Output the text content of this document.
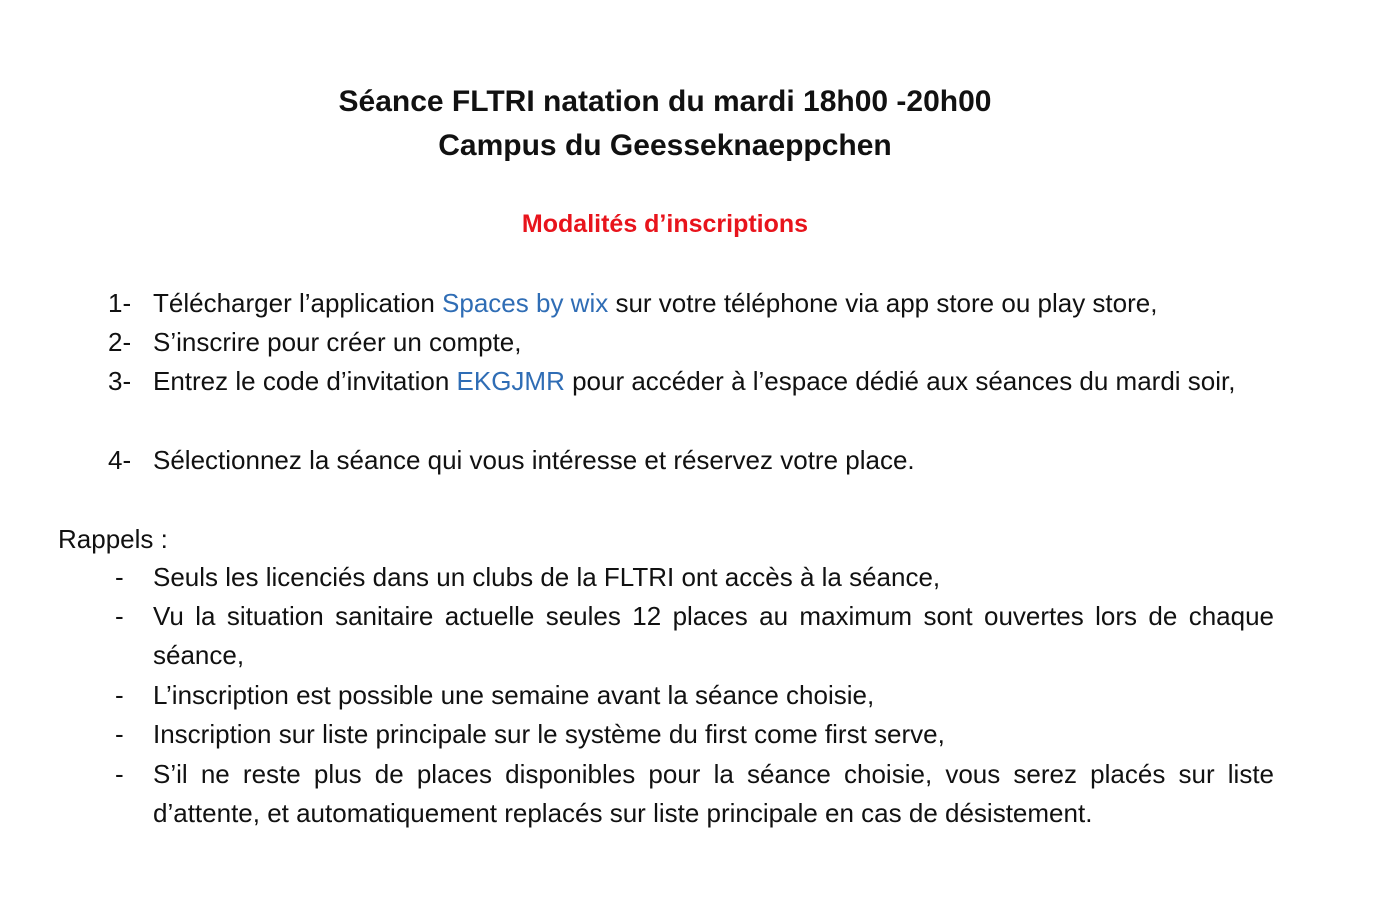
Séance FLTRI natation du mardi 18h00 -20h00
Campus du Geesseknaeppchen
Modalités d’inscriptions
1- Télécharger l’application Spaces by wix sur votre téléphone via app store ou play store,
2- S’inscrire pour créer un compte,
3- Entrez le code d’invitation EKGJMR pour accéder à l’espace dédié aux séances du mardi soir,
4- Sélectionnez la séance qui vous intéresse et réservez votre place.
Rappels :
- Seuls les licenciés dans un clubs de la FLTRI ont accès à la séance,
- Vu la situation sanitaire actuelle seules 12 places au maximum sont ouvertes lors de chaque séance,
- L’inscription est possible une semaine avant la séance choisie,
- Inscription sur liste principale sur le système du first come first serve,
- S’il ne reste plus de places disponibles pour la séance choisie, vous serez placés sur liste d’attente, et automatiquement replacés sur liste principale en cas de désistement.
